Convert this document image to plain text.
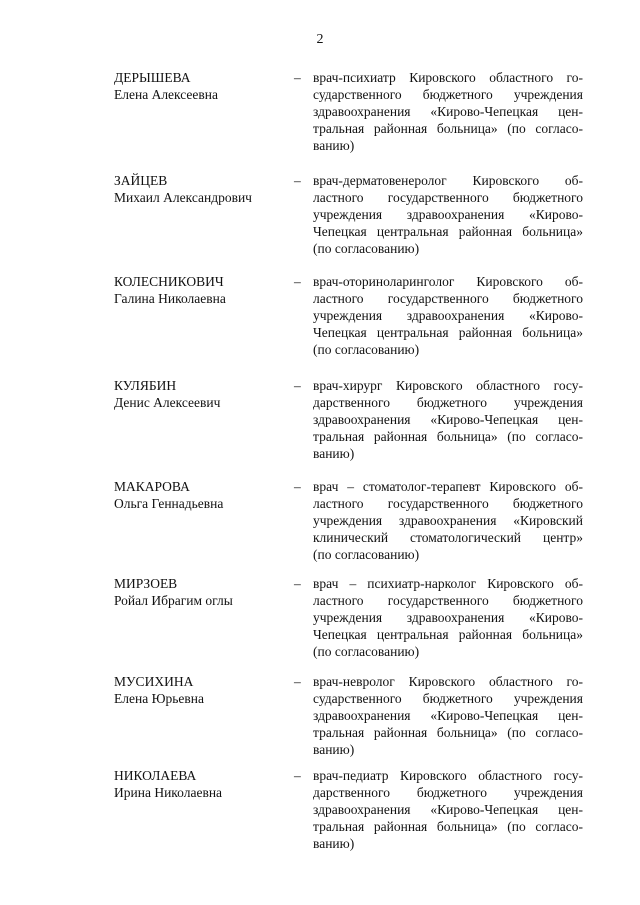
2
ДЕРЫШЕВА
Елена Алексеевна
– врач-психиатр Кировского областного го-
сударственного бюджетного учреждения
здравоохранения «Кирово-Чепецкая цен-
тральная районная больница» (по согласо-
ванию)
ЗАЙЦЕВ
Михаил Александрович
– врач-дерматовенеролог Кировского об-
ластного государственного бюджетного
учреждения здравоохранения «Кирово-
Чепецкая центральная районная больница»
(по согласованию)
КОЛЕСНИКОВИЧ
Галина Николаевна
– врач-оториноларинголог Кировского об-
ластного государственного бюджетного
учреждения здравоохранения «Кирово-
Чепецкая центральная районная больница»
(по согласованию)
КУЛЯБИН
Денис Алексеевич
– врач-хирург Кировского областного госу-
дарственного бюджетного учреждения
здравоохранения «Кирово-Чепецкая цен-
тральная районная больница» (по согласо-
ванию)
МАКАРОВА
Ольга Геннадьевна
– врач – стоматолог-терапевт Кировского об-
ластного государственного бюджетного
учреждения здравоохранения «Кировский
клинический стоматологический центр»
(по согласованию)
МИРЗОЕВ
Ройал Ибрагим оглы
– врач – психиатр-нарколог Кировского об-
ластного государственного бюджетного
учреждения здравоохранения «Кирово-
Чепецкая центральная районная больница»
(по согласованию)
МУСИХИНА
Елена Юрьевна
– врач-невролог Кировского областного го-
сударственного бюджетного учреждения
здравоохранения «Кирово-Чепецкая цен-
тральная районная больница» (по согласо-
ванию)
НИКОЛАЕВА
Ирина Николаевна
– врач-педиатр Кировского областного госу-
дарственного бюджетного учреждения
здравоохранения «Кирово-Чепецкая цен-
тральная районная больница» (по согласо-
ванию)
